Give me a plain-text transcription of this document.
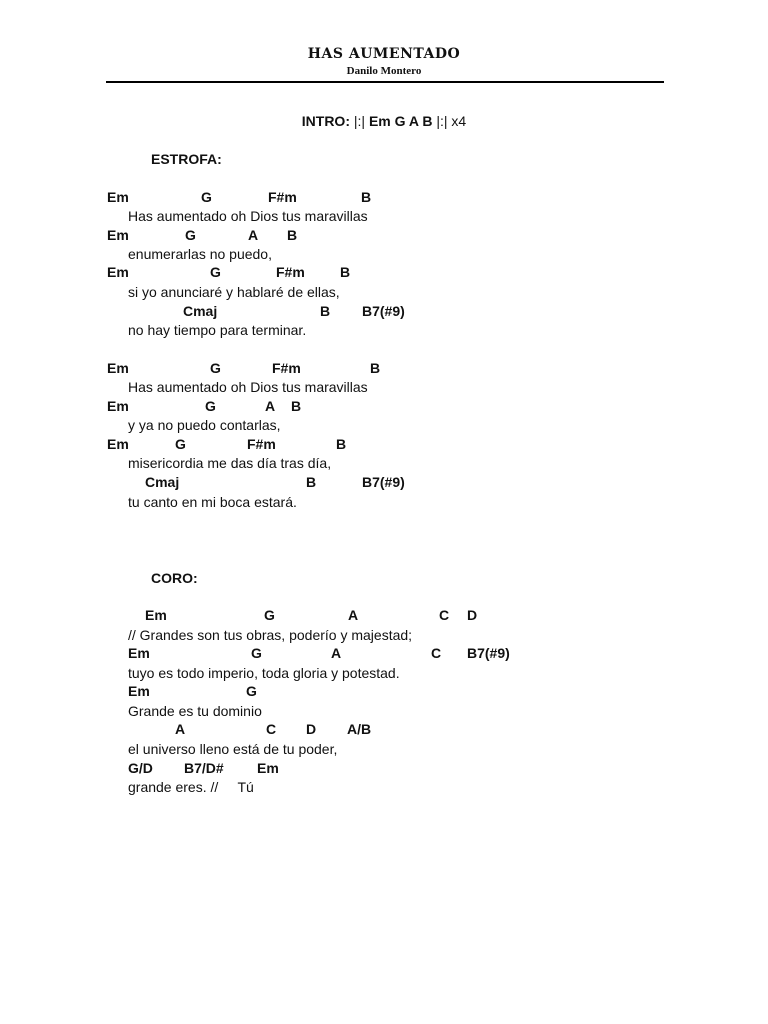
HAS AUMENTADO
Danilo Montero
INTRO: |:| Em G A B |:| x4
ESTROFA:
Em	G	F#m	B
Has aumentado oh Dios tus maravillas
Em	G	A B
enumerarlas no puedo,
Em	G	F#m	B
si yo anunciaré y hablaré de ellas,
Cmaj	B B7(#9)
no hay tiempo para terminar.
Em	G	F#m	B
Has aumentado oh Dios tus maravillas
Em	G	A B
y ya no puedo contarlas,
Em	G	F#m	B
misericordia me das día tras día,
Cmaj	B	B7(#9)
tu canto en mi boca estará.
CORO:
Em	G	A	C D
// Grandes son tus obras, poderío y majestad;
Em	G	A	C B7(#9)
tuyo es todo imperio, toda gloria y potestad.
Em	G
Grande es tu dominio
A	C D A/B
el universo lleno está de tu poder,
G/D B7/D# Em
grande eres. //     Tú
